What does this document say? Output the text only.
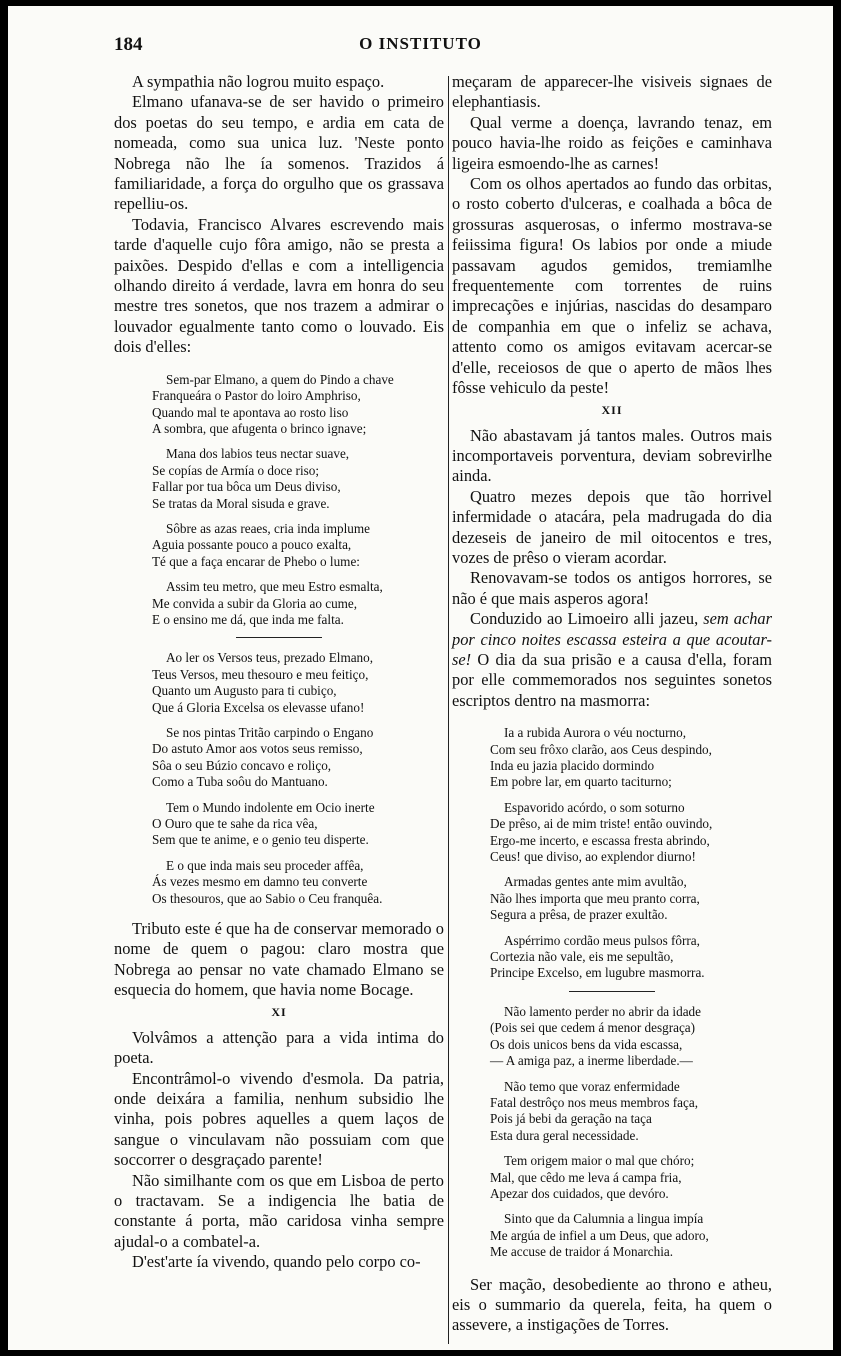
184	O INSTITUTO

A sympathia não logrou muito espaço.

Elmano ufanava-se de ser havido o primeiro dos poetas do seu tempo, e ardia em cata de nomeada, como sua unica luz. 'Neste ponto Nobrega não lhe ía somenos. Trazidos á familiaridade, a força do orgulho que os grassava repelliu-os.

Todavia, Francisco Alvares escrevendo mais tarde d'aquelle cujo fôra amigo, não se presta a paixões. Despido d'ellas e com a intelligencia olhando direito á verdade, lavra em honra do seu mestre tres sonetos, que nos trazem a admirar o louvador egualmente tanto como o louvado. Eis dois d'elles:

Sem-par Elmano, a quem do Pindo a chave
Franqueára o Pastor do loiro Amphriso,
Quando mal te apontava ao rosto liso
A sombra, que afugenta o brinco ignave;
Mana dos labios teus nectar suave,
Se copías de Armía o doce riso;
Fallar por tua bôca um Deus diviso,
Se tratas da Moral sisuda e grave.
Sôbre as azas reaes, cria inda implume
Aguia possante pouco a pouco exalta,
Té que a faça encarar de Phebo o lume:
Assim teu metro, que meu Estro esmalta,
Me convida a subir da Gloria ao cume,
E o ensino me dá, que inda me falta.
Ao ler os Versos teus, prezado Elmano,
Teus Versos, meu thesouro e meu feitiço,
Quanto um Augusto para ti cubiço,
Que á Gloria Excelsa os elevasse ufano!
Se nos pintas Tritão carpindo o Engano
Do astuto Amor aos votos seus remisso,
Sôa o seu Búzio concavo e roliço,
Como a Tuba soôu do Mantuano.
Tem o Mundo indolente em Ocio inerte
O Ouro que te sahe da rica vêa,
Sem que te anime, e o genio teu disperte.
E o que inda mais seu proceder affêa,
Ás vezes mesmo em damno teu converte
Os thesouros, que ao Sabio o Ceu franquêa.

Tributo este é que ha de conservar memorado o nome de quem o pagou: claro mostra que Nobrega ao pensar no vate chamado Elmano se esquecia do homem, que havia nome Bocage.

XI

Volvâmos a attenção para a vida intima do poeta.

Encontrâmol-o vivendo d'esmola. Da patria, onde deixára a familia, nenhum subsidio lhe vinha, pois pobres aquelles a quem laços de sangue o vinculavam não possuiam com que soccorrer o desgraçado parente!

Não similhante com os que em Lisboa de perto o tractavam. Se a indigencia lhe batia de constante á porta, mão caridosa vinha sempre ajudal-o a combatel-a.

D'est'arte ía vivendo, quando pelo corpo co-

meçaram de apparecer-lhe visiveis signaes de elephantiasis.

Qual verme a doença, lavrando tenaz, em pouco havia-lhe roido as feições e caminhava ligeira esmoendo-lhe as carnes!

Com os olhos apertados ao fundo das orbitas, o rosto coberto d'ulceras, e coalhada a bôca de grossuras asquerosas, o infermo mostrava-se feiissima figura! Os labios por onde a miude passavam agudos gemidos, tremiamlhe frequentemente com torrentes de ruins imprecações e injúrias, nascidas do desamparo de companhia em que o infeliz se achava, attento como os amigos evitavam acercar-se d'elle, receiosos de que o aperto de mãos lhes fôsse vehiculo da peste!

XII

Não abastavam já tantos males. Outros mais incomportaveis porventura, deviam sobrevirlhe ainda.

Quatro mezes depois que tão horrivel infermidade o atacára, pela madrugada do dia dezeseis de janeiro de mil oitocentos e tres, vozes de prêso o vieram acordar.

Renovavam-se todos os antigos horrores, se não é que mais asperos agora!

Conduzido ao Limoeiro alli jazeu, sem achar por cinco noites escassa esteira a que acoutar-se! O dia da sua prisão e a causa d'ella, foram por elle commemorados nos seguintes sonetos escriptos dentro na masmorra:

Ia a rubida Aurora o véu nocturno,
Com seu frôxo clarão, aos Ceus despindo,
Inda eu jazia placido dormindo
Em pobre lar, em quarto taciturno;
Espavorido acórdo, o som soturno
De prêso, ai de mim triste! então ouvindo,
Ergo-me incerto, e escassa fresta abrindo,
Ceus! que diviso, ao explendor diurno!
Armadas gentes ante mim avultão,
Não lhes importa que meu pranto corra,
Segura a prêsa, de prazer exultão.
Aspérrimo cordão meus pulsos fôrra,
Cortezia não vale, eis me sepultão,
Principe Excelso, em lugubre masmorra.
Não lamento perder no abrir da idade
(Pois sei que cedem á menor desgraça)
Os dois unicos bens da vida escassa,
— A amiga paz, a inerme liberdade.—
Não temo que voraz enfermidade
Fatal destrôço nos meus membros faça,
Pois já bebi da geração na taça
Esta dura geral necessidade.
Tem origem maior o mal que chóro;
Mal, que cêdo me leva á campa fria,
Apezar dos cuidados, que devóro.
Sinto que da Calumnia a lingua impía
Me argúa de infiel a um Deus, que adoro,
Me accuse de traidor á Monarchia.

Ser mação, desobediente ao throno e atheu, eis o summario da querela, feita, ha quem o assevere, a instigações de Torres.
